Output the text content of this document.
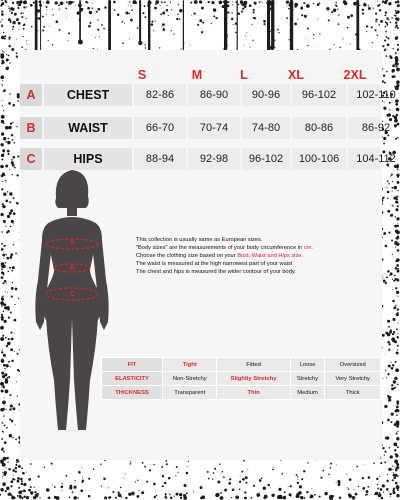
S	M	L	XL	2XL
A	CHEST	82-86	86-90	90-96	96-102	102-110
B	WAIST	66-70	70-74	74-80	80-86	86-92
C	HIPS	88-94	92-98	96-102	100-106	104-112
A
B
C
This collection is usually same as European sizes.
"Body sizes" are the measurements of your body circumference in cm.
Choose the clothing size based on your Bust, Waist and Hips size.
The waist is measured at the high narrowest part of your waist
The chest and hips is measured the wider contour of your body.
FIT	Tight	Fitted	Loose	Oversized
ELASTICITY	Non-Stretchy	Slightly Stretchy	Stretchy	Very Stretchy
THICKNESS	Transparent	Thin	Medium	Thick
